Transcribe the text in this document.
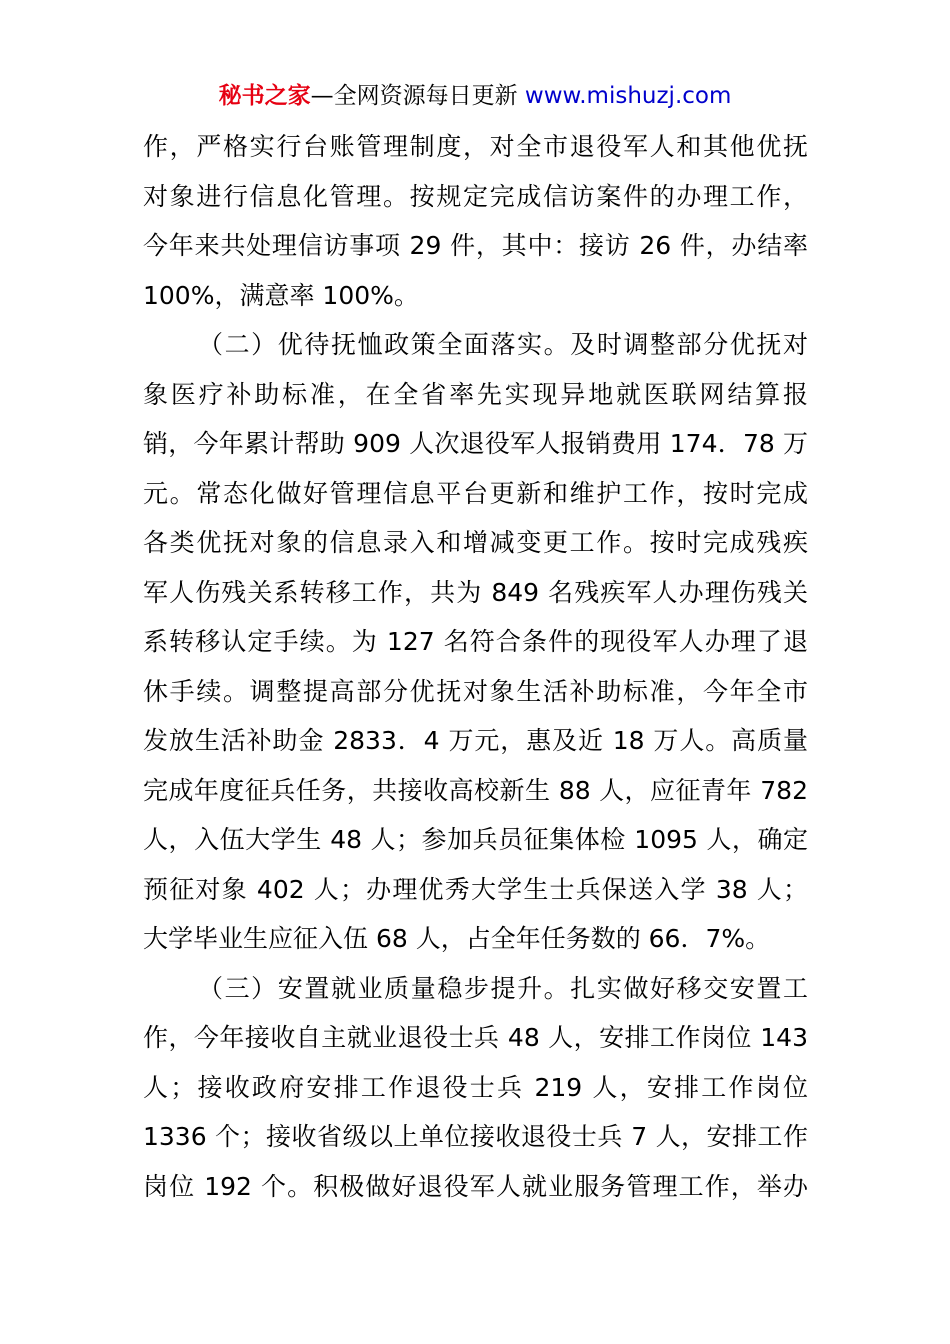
秘书之家—全网资源每日更新 www.mishuzj.com
作，严格实行台账管理制度，对全市退役军人和其他优抚
对象进行信息化管理。按规定完成信访案件的办理工作，
今年来共处理信访事项 29 件，其中：接访 26 件，办结率
100%，满意率 100%。
（二）优待抚恤政策全面落实。及时调整部分优抚对
象医疗补助标准，在全省率先实现异地就医联网结算报
销，今年累计帮助 909 人次退役军人报销费用 174．78 万
元。常态化做好管理信息平台更新和维护工作，按时完成
各类优抚对象的信息录入和增减变更工作。按时完成残疾
军人伤残关系转移工作，共为 849 名残疾军人办理伤残关
系转移认定手续。为 127 名符合条件的现役军人办理了退
休手续。调整提高部分优抚对象生活补助标准，今年全市
发放生活补助金 2833．4 万元，惠及近 18 万人。高质量
完成年度征兵任务，共接收高校新生 88 人，应征青年 782
人，入伍大学生 48 人；参加兵员征集体检 1095 人，确定
预征对象 402 人；办理优秀大学生士兵保送入学 38 人；
大学毕业生应征入伍 68 人，占全年任务数的 66．7%。
（三）安置就业质量稳步提升。扎实做好移交安置工
作，今年接收自主就业退役士兵 48 人，安排工作岗位 143
人；接收政府安排工作退役士兵 219 人，安排工作岗位
1336 个；接收省级以上单位接收退役士兵 7 人，安排工作
岗位 192 个。积极做好退役军人就业服务管理工作，举办
